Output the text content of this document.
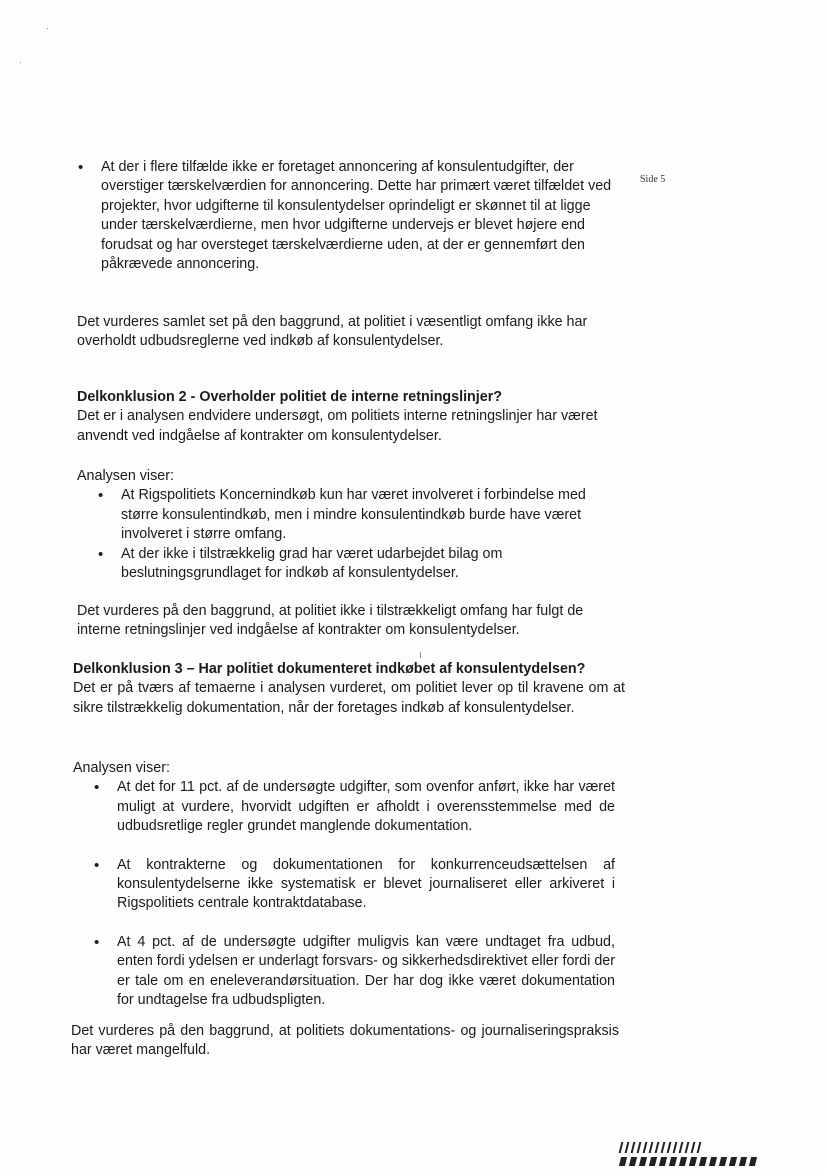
Side 5
• At der i flere tilfælde ikke er foretaget annoncering af konsulentudgifter, der overstiger tærskelværdien for annoncering. Dette har primært været tilfældet ved projekter, hvor udgifterne til konsulentydelser oprindeligt er skønnet til at ligge under tærskelværdierne, men hvor udgifterne undervejs er blevet højere end forudsat og har oversteget tærskelværdierne uden, at der er gennemført den påkrævede annoncering.

Det vurderes samlet set på den baggrund, at politiet i væsentligt omfang ikke har overholdt udbudsreglerne ved indkøb af konsulentydelser.

Delkonklusion 2 - Overholder politiet de interne retningslinjer?

Det er i analysen endvidere undersøgt, om politiets interne retningslinjer har været anvendt ved indgåelse af kontrakter om konsulentydelser.

Analysen viser:

• At Rigspolitiets Koncernindkøb kun har været involveret i forbindelse med større konsulentindkøb, men i mindre konsulentindkøb burde have været involveret i større omfang.
• At der ikke i tilstrækkelig grad har været udarbejdet bilag om beslutningsgrundlaget for indkøb af konsulentydelser.

Det vurderes på den baggrund, at politiet ikke i tilstrækkeligt omfang har fulgt de interne retningslinjer ved indgåelse af kontrakter om konsulentydelser.

Delkonklusion 3 – Har politiet dokumenteret indkøbet af konsulentydelsen?

Det er på tværs af temaerne i analysen vurderet, om politiet lever op til kravene om at sikre tilstrækkelig dokumentation, når der foretages indkøb af konsulentydelser.

Analysen viser:

• At det for 11 pct. af de undersøgte udgifter, som ovenfor anført, ikke har været muligt at vurdere, hvorvidt udgiften er afholdt i overensstemmelse med de udbudsretlige regler grundet manglende dokumentation.
• At kontrakterne og dokumentationen for konkurrenceudsættelsen af konsulentydelserne ikke systematisk er blevet journaliseret eller arkiveret i Rigspolitiets centrale kontraktdatabase.
• At 4 pct. af de undersøgte udgifter muligvis kan være undtaget fra udbud, enten fordi ydelsen er underlagt forsvars- og sikkerhedsdirektivet eller fordi der er tale om en eneleverandørsituation. Der har dog ikke været dokumentation for undtagelse fra udbudspligten.

Det vurderes på den baggrund, at politiets dokumentations- og journaliseringspraksis har været mangelfuld.
